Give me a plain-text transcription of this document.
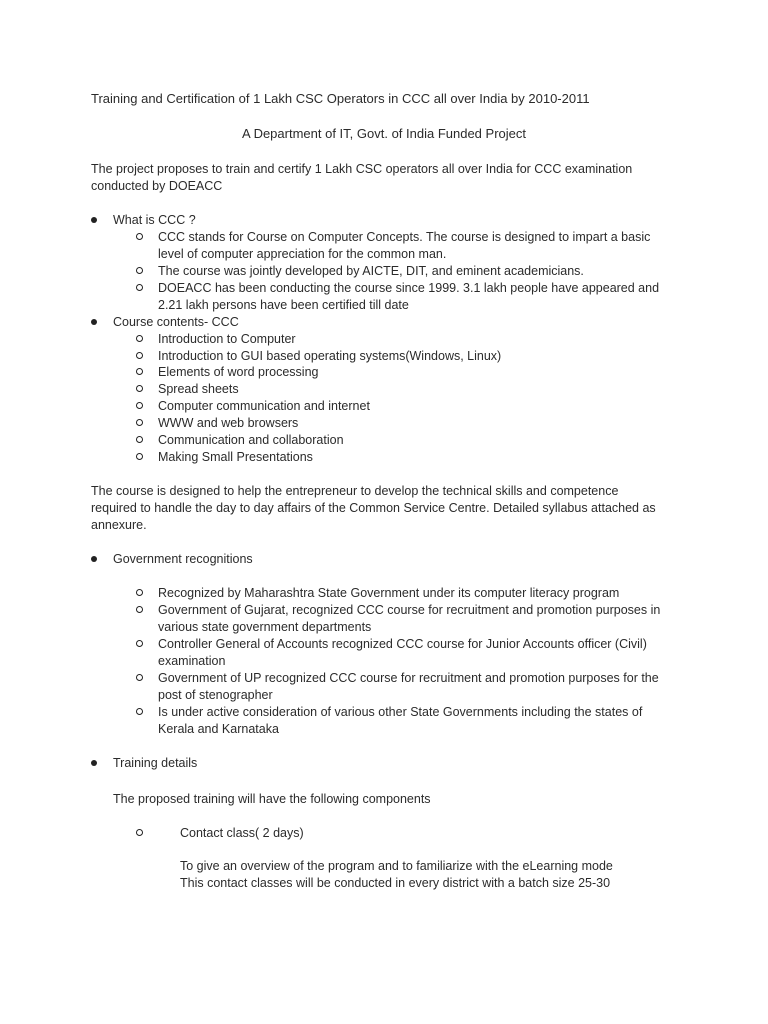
Training and Certification of 1 Lakh CSC Operators in CCC all over India by 2010-2011
A Department of IT, Govt. of India Funded Project
The project proposes to train and certify 1 Lakh CSC operators all over India for CCC examination
conducted by DOEACC
What is CCC ?
CCC stands for Course on Computer Concepts. The course is designed to impart a basic
level of computer appreciation for the common man.
The course was jointly developed by AICTE, DIT, and eminent academicians.
DOEACC has been conducting the course since 1999. 3.1 lakh people have appeared and
2.21 lakh persons have been certified till date
Course contents- CCC
Introduction to Computer
Introduction to GUI based operating systems(Windows, Linux)
Elements of word processing
Spread sheets
Computer communication and internet
WWW and web browsers
Communication and collaboration
Making Small Presentations
The course is designed to help the entrepreneur to develop the technical skills and competence
required to handle the day to day affairs of the Common Service Centre. Detailed syllabus attached as
annexure.
Government recognitions
Recognized by Maharashtra State Government under its computer literacy program
Government of Gujarat, recognized CCC course for recruitment and promotion purposes in
various state government departments
Controller General of Accounts recognized CCC course for Junior Accounts officer (Civil)
examination
Government of UP recognized CCC course for recruitment and promotion purposes for the
post of stenographer
Is under active consideration of various other State Governments including the states of
Kerala and Karnataka
Training details
The proposed training will have the following components
Contact class( 2 days)
To give an overview of the program and to familiarize with the eLearning mode
This contact classes will be conducted in every district with a batch size 25-30
